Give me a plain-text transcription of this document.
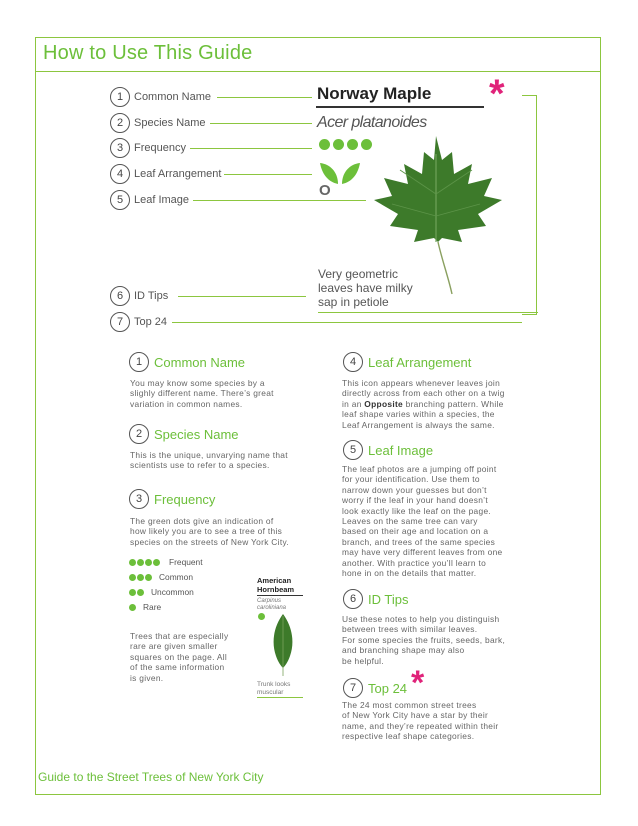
How to Use This Guide
1 Common Name
2 Species Name
3 Frequency
4 Leaf Arrangement
5 Leaf Image
6 ID Tips
7 Top 24
Norway Maple *
Acer platanoides
O
Very geometric
leaves have milky
sap in petiole
1 Common Name
You may know some species by a
slighly different name. There’s great
variation in common names.
2 Species Name
This is the unique, unvarying name that
scientists use to refer to a species.
3 Frequency
The green dots give an indication of
how likely you are to see a tree of this
species on the streets of New York City.
Frequent
Common
Uncommon
Rare
Trees that are especially
rare are given smaller
squares on the page. All
of the same information
is given.
American
Hornbeam
Carpinus
caroliniana
Trunk looks
muscular
4 Leaf Arrangement
This icon appears whenever leaves join
directly across from each other on a twig
in an Opposite branching pattern. While
leaf shape varies within a species, the
Leaf Arrangement is always the same.
5 Leaf Image
The leaf photos are a jumping off point
for your identification. Use them to
narrow down your guesses but don’t
worry if the leaf in your hand doesn’t
look exactly like the leaf on the page.
Leaves on the same tree can vary
based on their age and location on a
branch, and trees of the same species
may have very different leaves from one
another. With practice you’ll learn to
hone in on the details that matter.
6 ID Tips
Use these notes to help you distinguish
between trees with similar leaves.
For some species the fruits, seeds, bark,
and branching shape may also
be helpful.
7 Top 24 *
The 24 most common street trees
of New York City have a star by their
name, and they’re repeated within their
respective leaf shape categories.
Guide to the Street Trees of New York City
